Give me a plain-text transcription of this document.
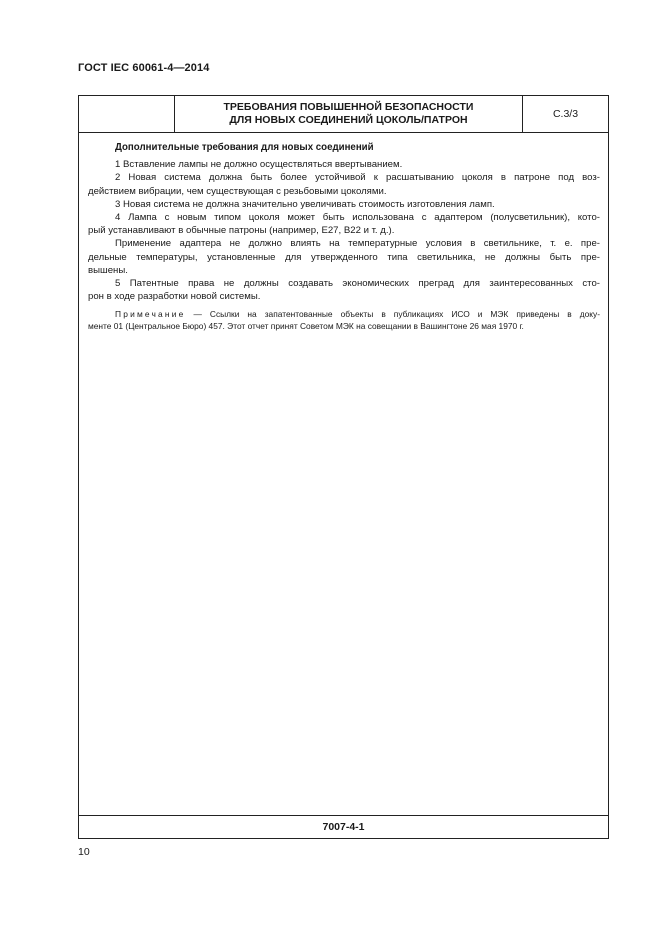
ГОСТ IEC 60061-4—2014
ТРЕБОВАНИЯ ПОВЫШЕННОЙ БЕЗОПАСНОСТИ
ДЛЯ НОВЫХ СОЕДИНЕНИЙ ЦОКОЛЬ/ПАТРОН	С.3/3
Дополнительные требования для новых соединений

1 Вставление лампы не должно осуществляться ввертыванием.

2 Новая система должна быть более устойчивой к расшатыванию цоколя в патроне под воз-

действием вибрации, чем существующая с резьбовыми цоколями.

3 Новая система не должна значительно увеличивать стоимость изготовления ламп.

4 Лампа с новым типом цоколя может быть использована с адаптером (полусветильник), кото-

рый устанавливают в обычные патроны (например, Е27, В22 и т. д.).

Применение адаптера не должно влиять на температурные условия в светильнике, т. е. пре-

дельные температуры, установленные для утвержденного типа светильника, не должны быть пре-

вышены.

5 Патентные права не должны создавать экономических преград для заинтересованных сто-

рон в ходе разработки новой системы.

Примечание — Ссылки на запатентованные объекты в публикациях ИСО и МЭК приведены в доку-

менте 01 (Центральное Бюро) 457. Этот отчет принят Советом МЭК на совещании в Вашингтоне 26 мая 1970 г.

7007-4-1
10
